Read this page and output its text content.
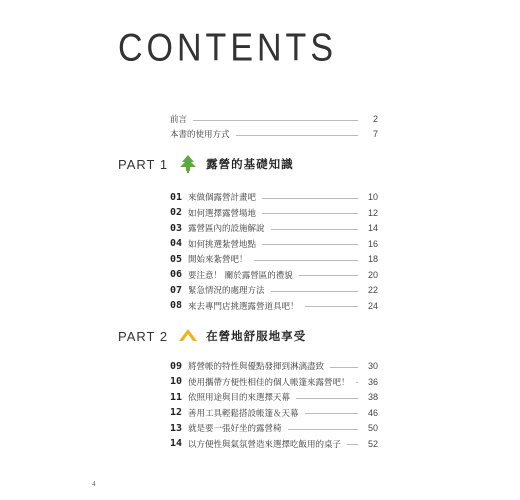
CONTENTS
前言	2
本書的使用方式	7
PART 1	露營的基礎知識
01 來做個露營計畫吧	10
02 如何選擇露營場地	12
03 露營區內的設施解說	14
04 如何挑選紮營地點	16
05 開始來紮營吧！	18
06 要注意！ 關於露營區的禮貌	20
07 緊急情況的處理方法	22
08 來去專門店挑選露營道具吧！	24
PART 2	在營地舒服地享受
09 將營帳的特性與優點發揮到淋漓盡致	30
10 使用攜帶方便性相佳的個人帳篷來露營吧！	36
11 依照用途與目的來選擇天幕	38
12 善用工具輕鬆搭設帳篷＆天幕	46
13 就是要一張好坐的露營椅	50
14 以方便性與氣氛營造來選擇吃飯用的桌子	52
4
